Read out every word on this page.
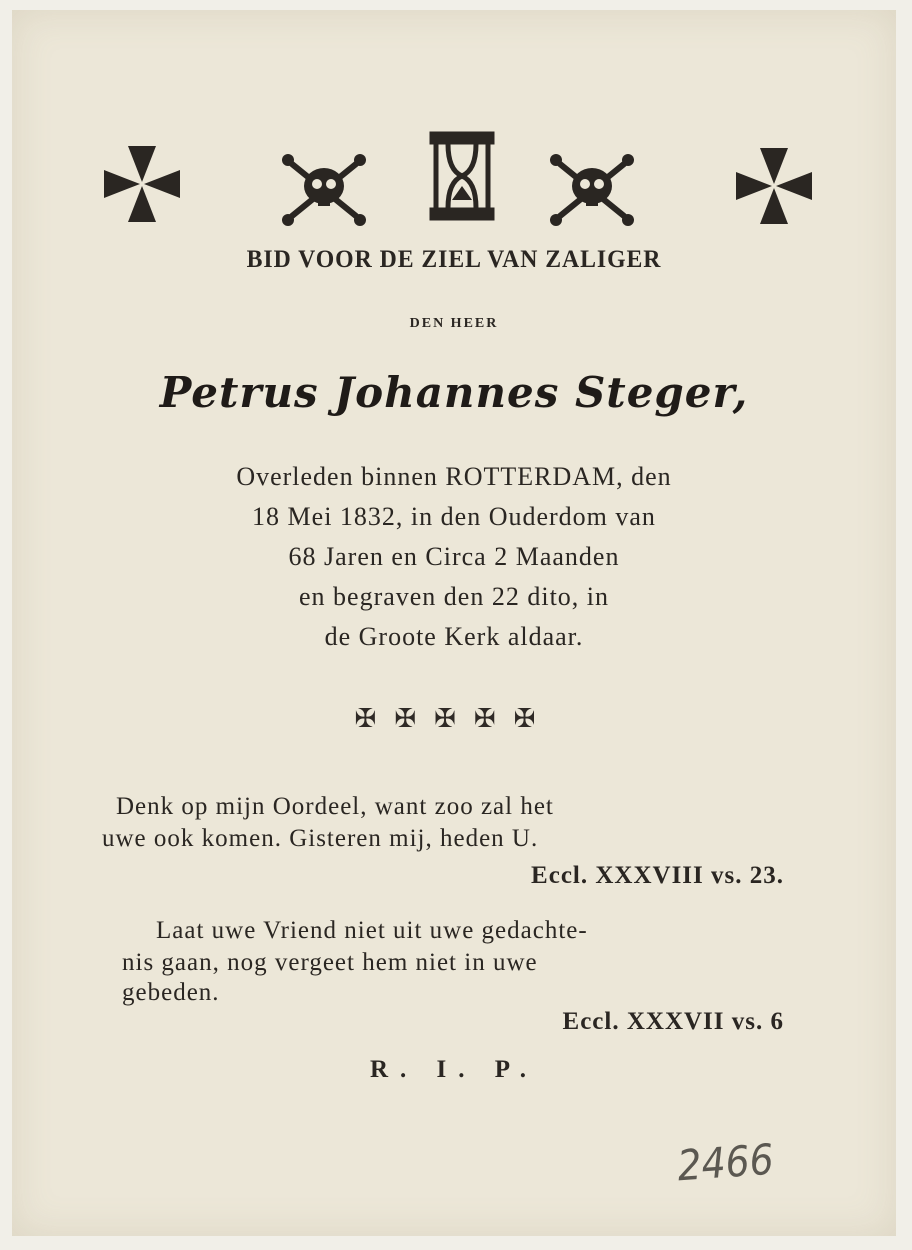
BID VOOR DE ZIEL VAN ZALIGER
DEN HEER
Petrus Johannes Steger,
Overleden binnen ROTTERDAM, den
18 Mei 1832, in den Ouderdom van
68 Jaren en Circa 2 Maanden
en begraven den 22 dito, in
de Groote Kerk aldaar.
✠✠✠✠✠
Denk op mijn Oordeel, want zoo zal het
uwe ook komen. Gisteren mij, heden U.
Eccl. XXXVIII vs. 23.
Laat uwe Vriend niet uit uwe gedachte-
nis gaan, nog vergeet hem niet in uwe
gebeden.
Eccl. XXXVII vs. 6
R. I. P.
2466
